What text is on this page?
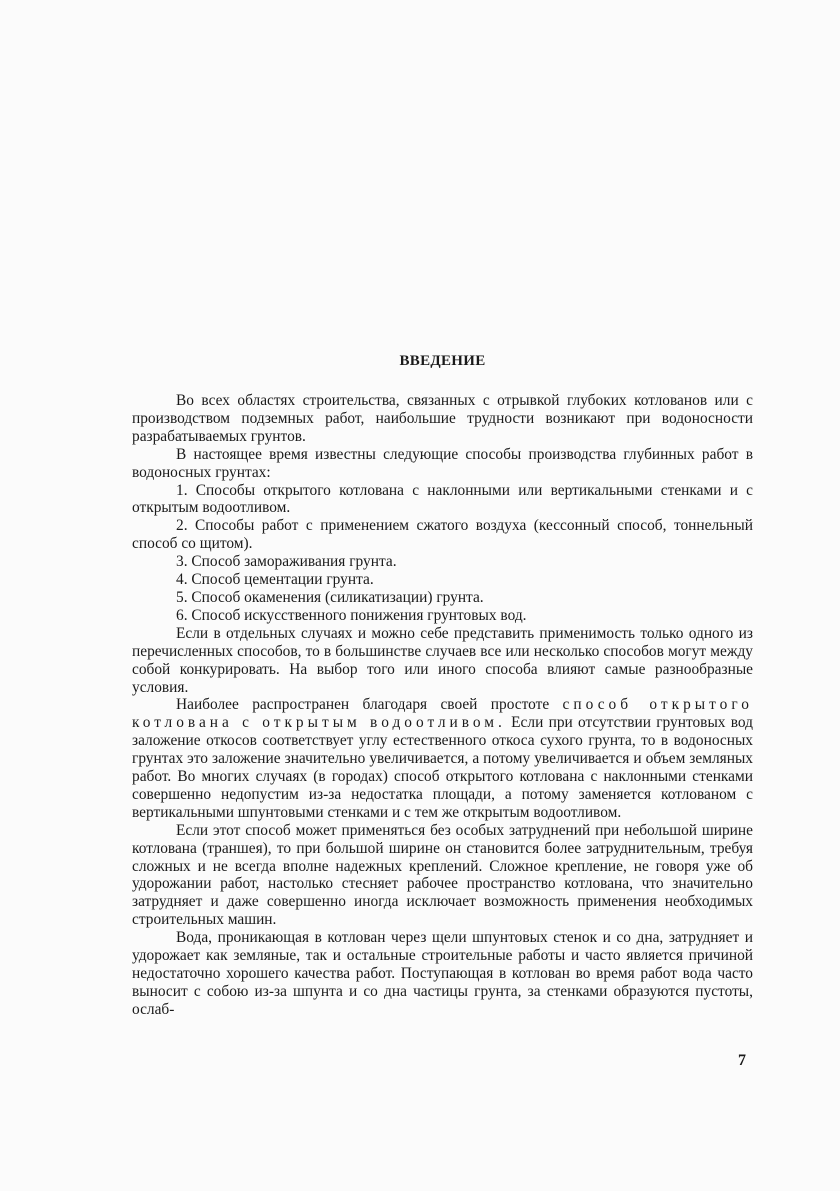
ВВЕДЕНИЕ

Во всех областях строительства, связанных с отрывкой глубоких котлованов или с производством подземных работ, наибольшие трудности возникают при водоносности разрабатываемых грунтов.

В настоящее время известны следующие способы производства глубинных работ в водоносных грунтах:

1. Способы открытого котлована с наклонными или вертикальными стенками и с открытым водоотливом.

2. Способы работ с применением сжатого воздуха (кессонный способ, тоннельный способ со щитом).

3. Способ замораживания грунта.

4. Способ цементации грунта.

5. Способ окаменения (силикатизации) грунта.

6. Способ искусственного понижения грунтовых вод.

Если в отдельных случаях и можно себе представить применимость только одного из перечисленных способов, то в большинстве случаев все или несколько способов могут между собой конкурировать. На выбор того или иного способа влияют самые разнообразные условия.

Наиболее распространен благодаря своей простоте способ открытого котлована с открытым водоотливом. Если при отсутствии грунтовых вод заложение откосов соответствует углу естественного откоса сухого грунта, то в водоносных грунтах это заложение значительно увеличивается, а потому увеличивается и объем земляных работ. Во многих случаях (в городах) способ открытого котлована с наклонными стенками совершенно недопустим из-за недостатка площади, а потому заменяется котлованом с вертикальными шпунтовыми стенками и с тем же открытым водоотливом.

Если этот способ может применяться без особых затруднений при небольшой ширине котлована (траншея), то при большой ширине он становится более затруднительным, требуя сложных и не всегда вполне надежных креплений. Сложное крепление, не говоря уже об удорожании работ, настолько стесняет рабочее пространство котлована, что значительно затрудняет и даже совершенно иногда исключает возможность применения необходимых строительных машин.

Вода, проникающая в котлован через щели шпунтовых стенок и со дна, затрудняет и удорожает как земляные, так и остальные строительные работы и часто является причиной недостаточно хорошего качества работ. Поступающая в котлован во время работ вода часто выносит с собою из-за шпунта и со дна частицы грунта, за стенками образуются пустоты, ослаб-

7
